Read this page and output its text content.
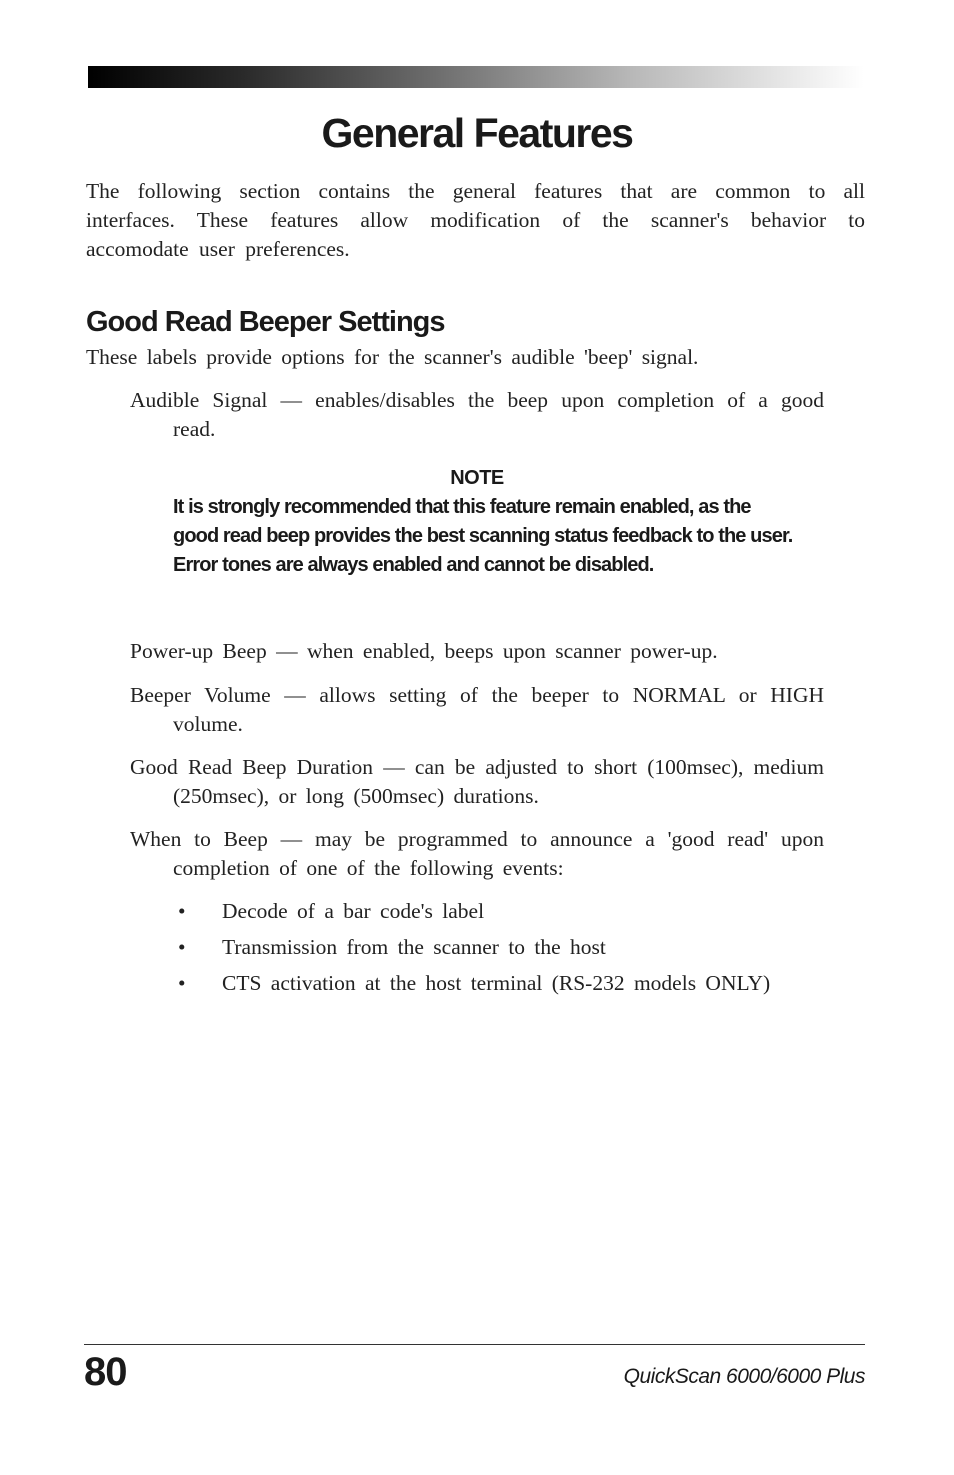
General Features

The following section contains the general features that are common to all interfaces. These features allow modification of the scanner's behavior to accomodate user preferences.

Good Read Beeper Settings

These labels provide options for the scanner's audible 'beep' signal.

Audible Signal — enables/disables the beep upon completion of a good read.

NOTE

It is strongly recommended that this feature remain enabled, as the good read beep provides the best scanning status feedback to the user. Error tones are always enabled and cannot be disabled.

Power-up Beep — when enabled, beeps upon scanner power-up.

Beeper Volume — allows setting of the beeper to NORMAL or HIGH volume.

Good Read Beep Duration — can be adjusted to short (100msec), medium (250msec), or long (500msec) durations.

When to Beep — may be programmed to announce a 'good read' upon completion of one of the following events:

• Decode of a bar code's label
• Transmission from the scanner to the host
• CTS activation at the host terminal (RS-232 models ONLY)

80	QuickScan 6000/6000 Plus
